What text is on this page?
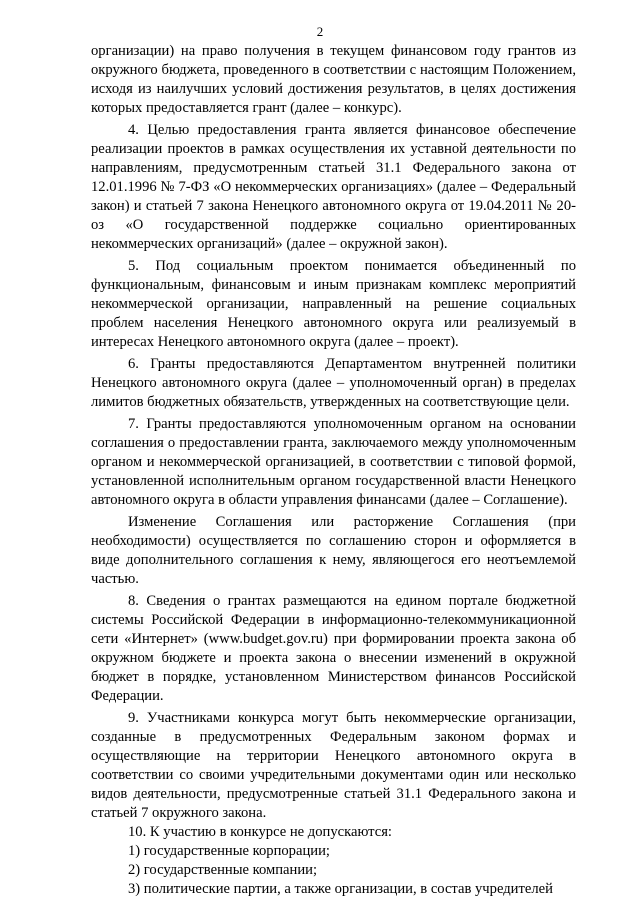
2

организации) на право получения в текущем финансовом году грантов из окружного бюджета, проведенного в соответствии с настоящим Положением, исходя из наилучших условий достижения результатов, в целях достижения которых предоставляется грант (далее – конкурс).

4. Целью предоставления гранта является финансовое обеспечение реализации проектов в рамках осуществления их уставной деятельности по направлениям, предусмотренным статьей 31.1 Федерального закона от 12.01.1996 № 7-ФЗ «О некоммерческих организациях» (далее – Федеральный закон) и статьей 7 закона Ненецкого автономного округа от 19.04.2011 № 20-оз «О государственной поддержке социально ориентированных некоммерческих организаций» (далее – окружной закон).

5. Под социальным проектом понимается объединенный по функциональным, финансовым и иным признакам комплекс мероприятий некоммерческой организации, направленный на решение социальных проблем населения Ненецкого автономного округа или реализуемый в интересах Ненецкого автономного округа (далее – проект).

6. Гранты предоставляются Департаментом внутренней политики Ненецкого автономного округа (далее – уполномоченный орган) в пределах лимитов бюджетных обязательств, утвержденных на соответствующие цели.

7. Гранты предоставляются уполномоченным органом на основании соглашения о предоставлении гранта, заключаемого между уполномоченным органом и некоммерческой организацией, в соответствии с типовой формой, установленной исполнительным органом государственной власти Ненецкого автономного округа в области управления финансами (далее – Соглашение).

Изменение Соглашения или расторжение Соглашения (при необходимости) осуществляется по соглашению сторон и оформляется в виде дополнительного соглашения к нему, являющегося его неотъемлемой частью.

8. Сведения о грантах размещаются на едином портале бюджетной системы Российской Федерации в информационно-телекоммуникационной сети «Интернет» (www.budget.gov.ru) при формировании проекта закона об окружном бюджете и проекта закона о внесении изменений в окружной бюджет в порядке, установленном Министерством финансов Российской Федерации.

9. Участниками конкурса могут быть некоммерческие организации, созданные в предусмотренных Федеральным законом формах и осуществляющие на территории Ненецкого автономного округа в соответствии со своими учредительными документами один или несколько видов деятельности, предусмотренные статьей 31.1 Федерального закона и статьей 7 окружного закона.

10. К участию в конкурсе не допускаются:

1) государственные корпорации;

2) государственные компании;

3) политические партии, а также организации, в состав учредителей
